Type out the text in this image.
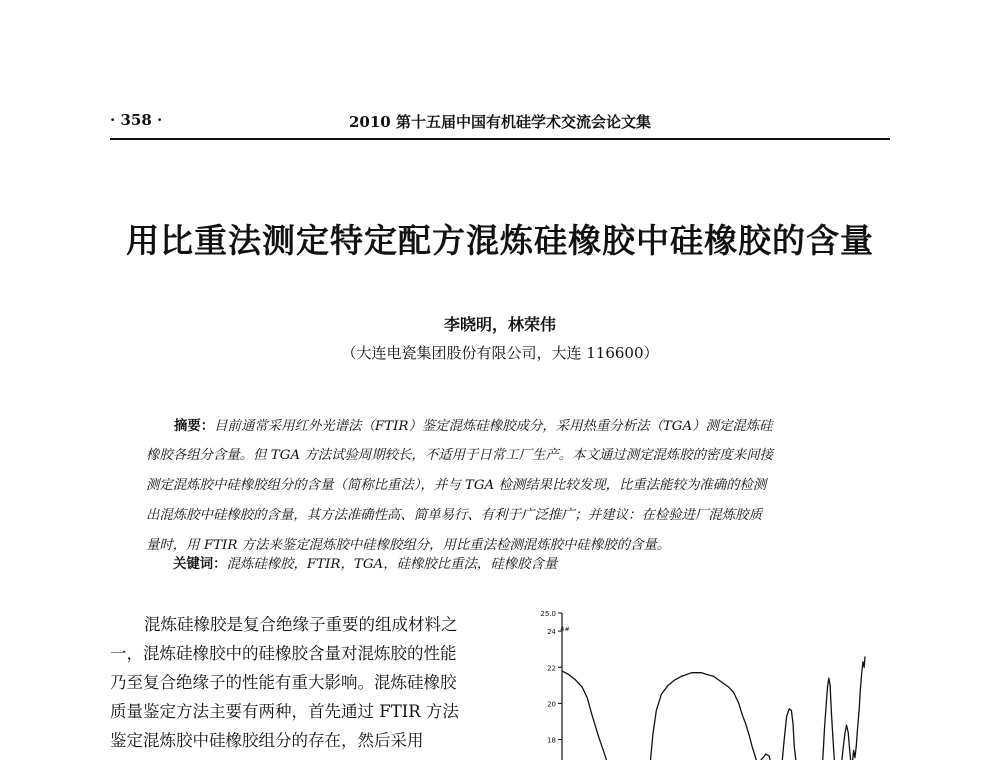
· 358 ·	2010 第十五届中国有机硅学术交流会论文集
用比重法测定特定配方混炼硅橡胶中硅橡胶的含量
李晓明，林荣伟
（大连电瓷集团股份有限公司，大连 116600）
摘要：目前通常采用红外光谱法（FTIR）鉴定混炼硅橡胶成分，采用热重分析法（TGA）测定混炼硅
橡胶各组分含量。但 TGA 方法试验周期较长，不适用于日常工厂生产。本文通过测定混炼胶的密度来间接
测定混炼胶中硅橡胶组分的含量（简称比重法），并与 TGA 检测结果比较发现，比重法能较为准确的检测
出混炼胶中硅橡胶的含量，其方法准确性高、简单易行、有利于广泛推广；并建议：在检验进厂混炼胶质
量时，用 FTIR 方法来鉴定混炼胶中硅橡胶组分，用比重法检测混炼胶中硅橡胶的含量。
关键词：混炼硅橡胶，FTIR，TGA，硅橡胶比重法，硅橡胶含量
混炼硅橡胶是复合绝缘子重要的组成材料之
一，混炼硅橡胶中的硅橡胶含量对混炼胶的性能
乃至复合绝缘子的性能有重大影响。混炼硅橡胶
质量鉴定方法主要有两种，首先通过 FTIR 方法
鉴定混炼胶中硅橡胶组分的存在，然后采用
25.0
24
22
20
18
4#
